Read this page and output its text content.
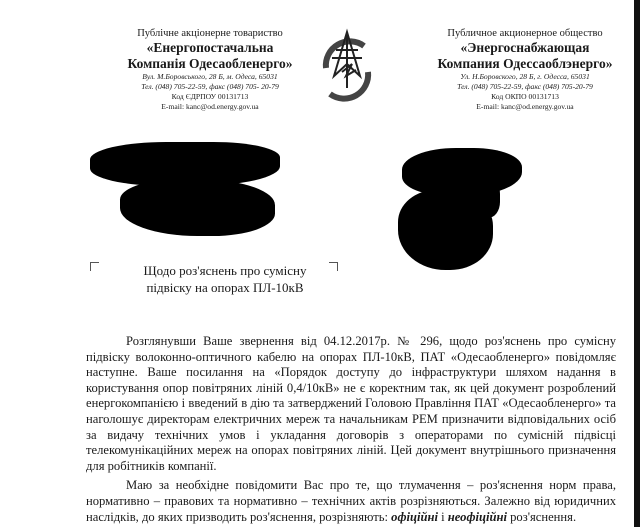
Публічне акціонерне товариство
«Енергопостачальна
Компанія Одесаобленерго»
Вул. М.Боровського, 28 Б, м. Одеса, 65031
Тел. (048) 705-22-59, факс (048) 705- 20-79
Код ЄДРПОУ 00131713
E-mail: kanc@od.energy.gov.ua
Публичное акционерное общество
«Энергоснабжающая
Компания Одессаоблэнерго»
Ул. Н.Боровского, 28 Б, г. Одесса, 65031
Тел. (048) 705-22-59, факс (048) 705-20-79
Код ОКПО 00131713
E-mail: kanc@od.energy.gov.ua
Щодо роз'яснень про сумісну
підвіску на опорах ПЛ-10кВ

Розглянувши Ваше звернення від 04.12.2017р. № 296, щодо роз'яснень про сумісну підвіску волоконно-оптичного кабелю на опорах ПЛ-10кВ, ПАТ «Одесаобленерго» повідомляє наступне. Ваше посилання на «Порядок доступу до інфраструктури шляхом надання в користування опор повітряних ліній 0,4/10кВ» не є коректним так, як цей документ розроблений енергокомпанією і введений в дію та затверджений Головою Правління ПАТ «Одесаобленерго» та наголошує директорам електричних мереж та начальникам РЕМ призначити відповідальних осіб за видачу технічних умов і укладання договорів з операторами по сумісній підвісці телекомунікаційних мереж на опорах повітряних ліній. Цей документ внутрішнього призначення для робітників компанії.

Маю за необхідне повідомити Вас про те, що тлумачення – роз'яснення норм права, нормативно – правових та нормативно – технічних актів розрізняються. Залежно від юридичних наслідків, до яких призводить роз'яснення, розрізняють: офіційні і неофіційні роз'яснення.
